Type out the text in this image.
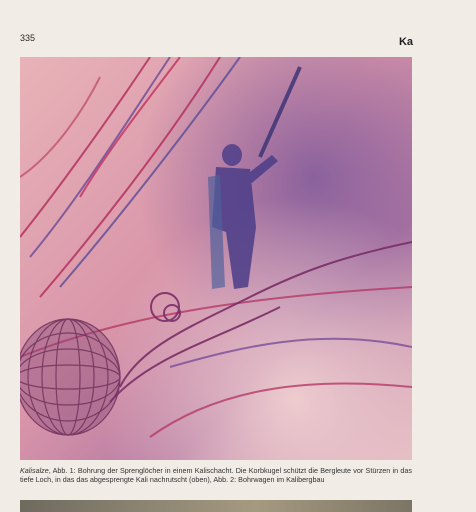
335	Ka
Kalisalze, Abb. 1: Bohrung der Sprenglöcher in einem Kalischacht. Die Korbkugel schützt die Bergleute vor Stürzen in das tiefe Loch, in das das abgesprengte Kali nachrutscht (oben), Abb. 2: Bohrwagen im Kalibergbau
